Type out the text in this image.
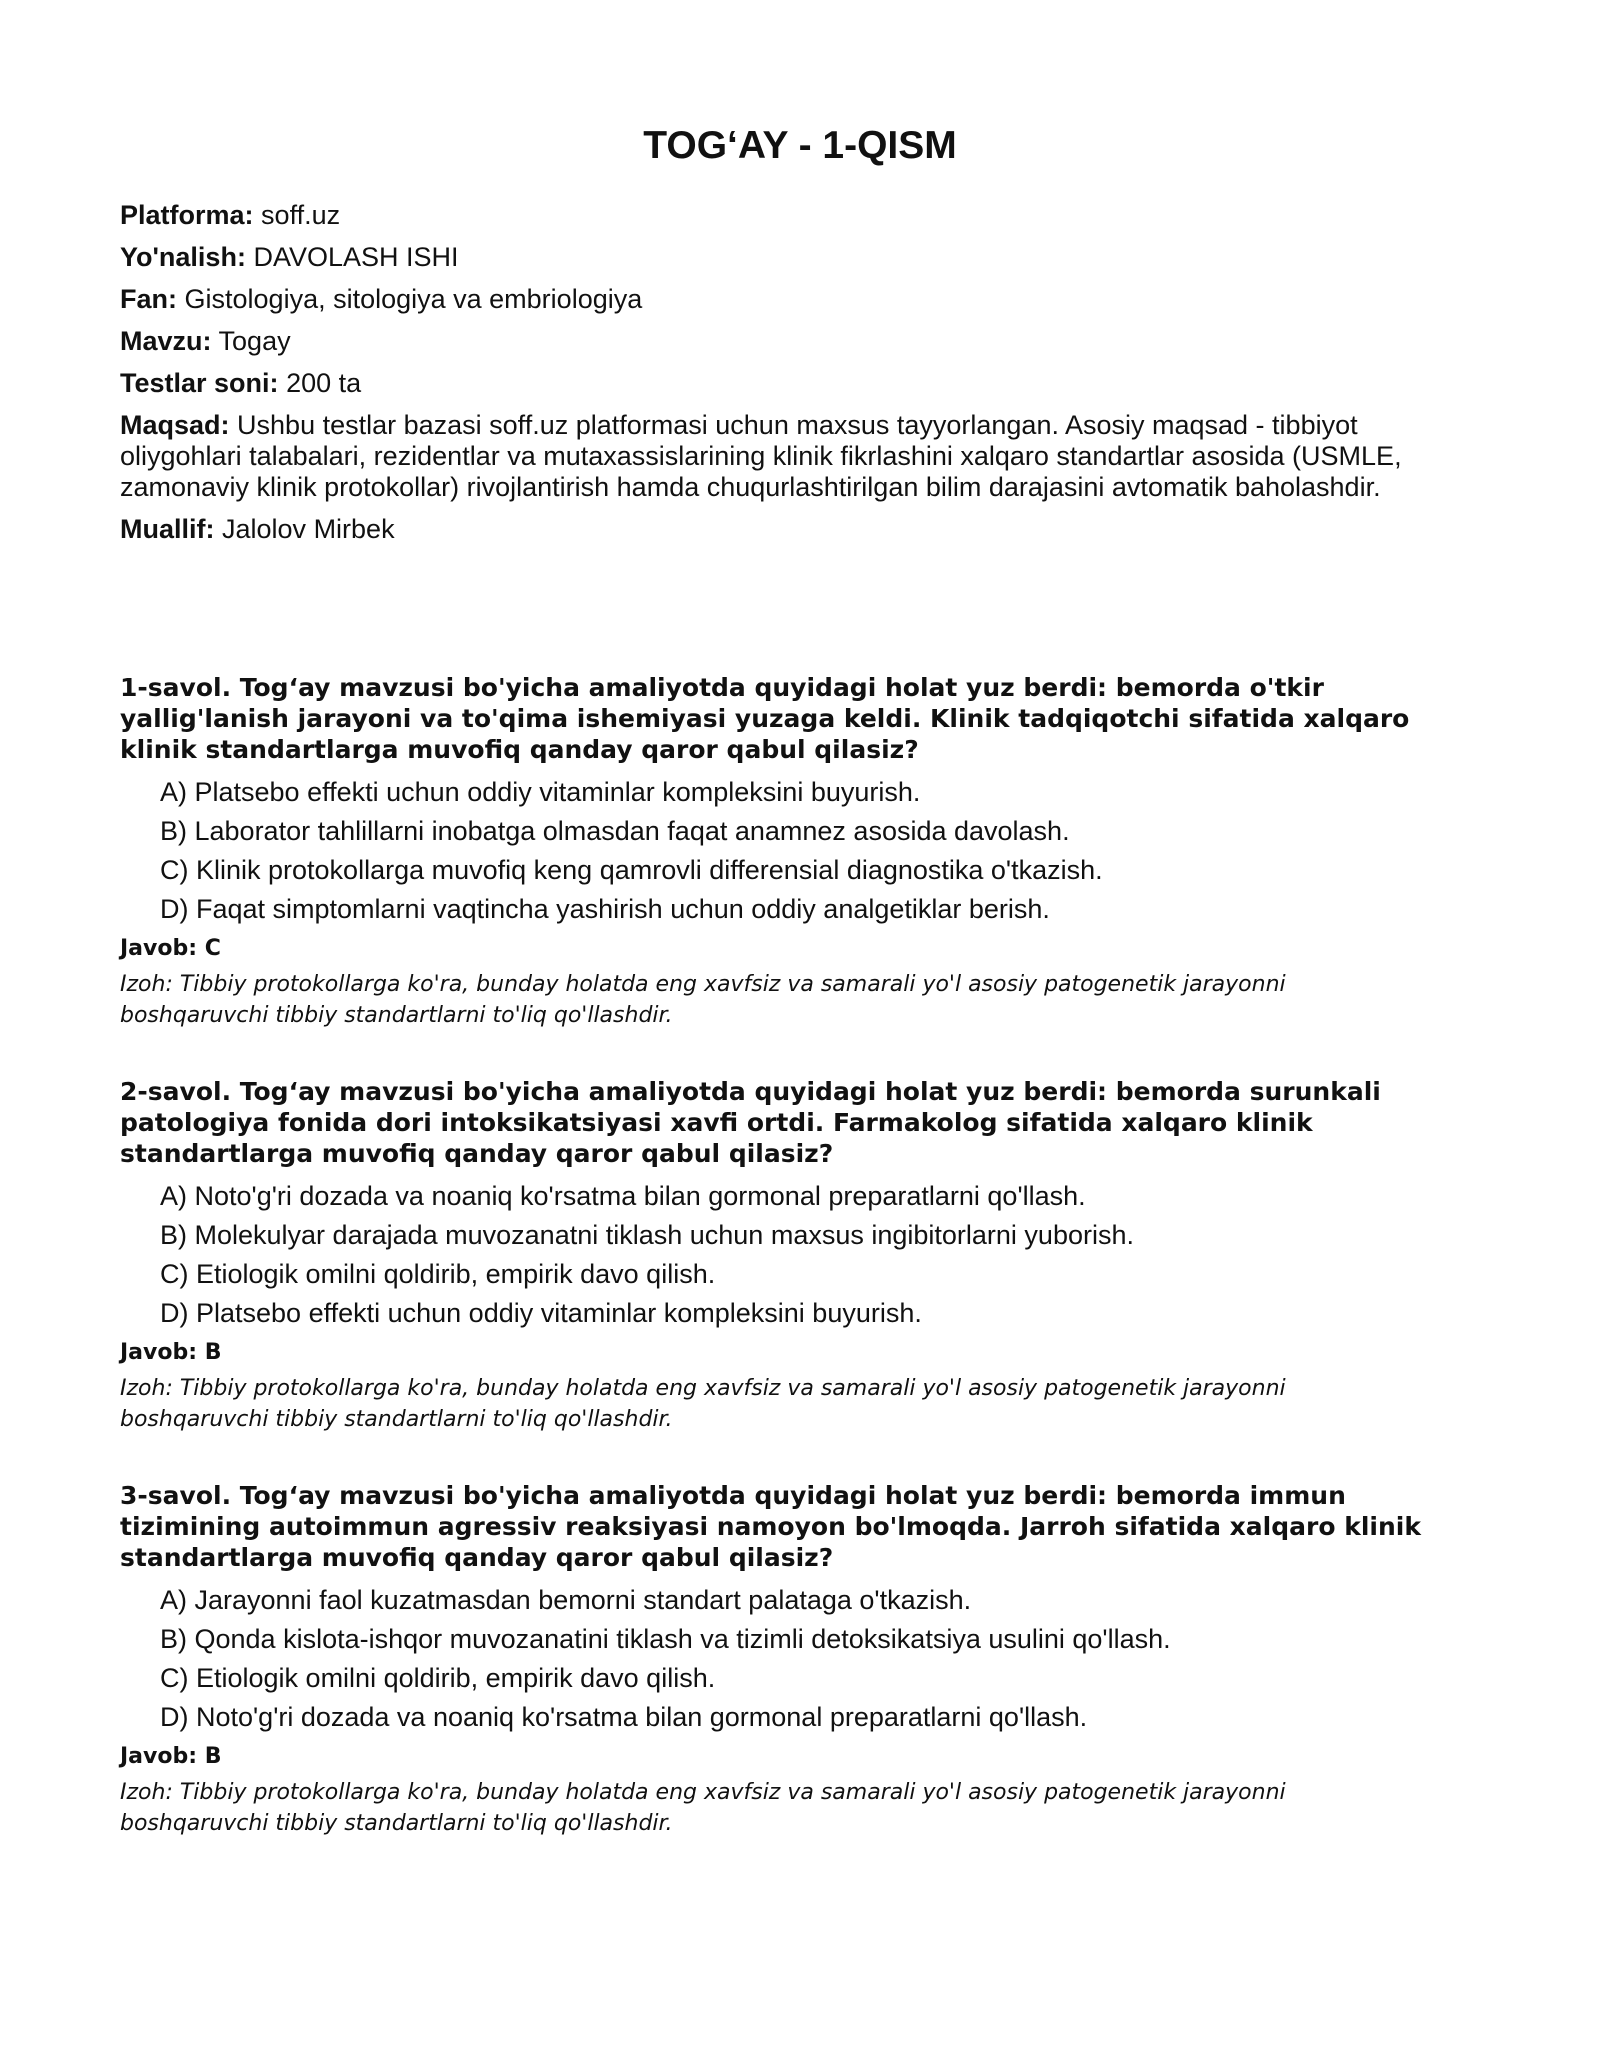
TOG‘AY - 1-QISM
Platforma: soff.uz
Yo'nalish: DAVOLASH ISHI
Fan: Gistologiya, sitologiya va embriologiya
Mavzu: Togay
Testlar soni: 200 ta
Maqsad: Ushbu testlar bazasi soff.uz platformasi uchun maxsus tayyorlangan. Asosiy maqsad - tibbiyot oliygohlari talabalari, rezidentlar va mutaxassislarining klinik fikrlashini xalqaro standartlar asosida (USMLE, zamonaviy klinik protokollar) rivojlantirish hamda chuqurlashtirilgan bilim darajasini avtomatik baholashdir.
Muallif: Jalolov Mirbek

1-savol. Tog‘ay mavzusi bo'yicha amaliyotda quyidagi holat yuz berdi: bemorda o'tkir yallig'lanish jarayoni va to'qima ishemiyasi yuzaga keldi. Klinik tadqiqotchi sifatida xalqaro klinik standartlarga muvofiq qanday qaror qabul qilasiz?

A) Platsebo effekti uchun oddiy vitaminlar kompleksini buyurish.
B) Laborator tahlillarni inobatga olmasdan faqat anamnez asosida davolash.
C) Klinik protokollarga muvofiq keng qamrovli differensial diagnostika o'tkazish.
D) Faqat simptomlarni vaqtincha yashirish uchun oddiy analgetiklar berish.
Javob: C
Izoh: Tibbiy protokollarga ko'ra, bunday holatda eng xavfsiz va samarali yo'l asosiy patogenetik jarayonni boshqaruvchi tibbiy standartlarni to'liq qo'llashdir.

2-savol. Tog‘ay mavzusi bo'yicha amaliyotda quyidagi holat yuz berdi: bemorda surunkali patologiya fonida dori intoksikatsiyasi xavfi ortdi. Farmakolog sifatida xalqaro klinik standartlarga muvofiq qanday qaror qabul qilasiz?

A) Noto'g'ri dozada va noaniq ko'rsatma bilan gormonal preparatlarni qo'llash.
B) Molekulyar darajada muvozanatni tiklash uchun maxsus ingibitorlarni yuborish.
C) Etiologik omilni qoldirib, empirik davo qilish.
D) Platsebo effekti uchun oddiy vitaminlar kompleksini buyurish.
Javob: B
Izoh: Tibbiy protokollarga ko'ra, bunday holatda eng xavfsiz va samarali yo'l asosiy patogenetik jarayonni boshqaruvchi tibbiy standartlarni to'liq qo'llashdir.

3-savol. Tog‘ay mavzusi bo'yicha amaliyotda quyidagi holat yuz berdi: bemorda immun tizimining autoimmun agressiv reaksiyasi namoyon bo'lmoqda. Jarroh sifatida xalqaro klinik standartlarga muvofiq qanday qaror qabul qilasiz?

A) Jarayonni faol kuzatmasdan bemorni standart palataga o'tkazish.
B) Qonda kislota-ishqor muvozanatini tiklash va tizimli detoksikatsiya usulini qo'llash.
C) Etiologik omilni qoldirib, empirik davo qilish.
D) Noto'g'ri dozada va noaniq ko'rsatma bilan gormonal preparatlarni qo'llash.
Javob: B
Izoh: Tibbiy protokollarga ko'ra, bunday holatda eng xavfsiz va samarali yo'l asosiy patogenetik jarayonni boshqaruvchi tibbiy standartlarni to'liq qo'llashdir.
